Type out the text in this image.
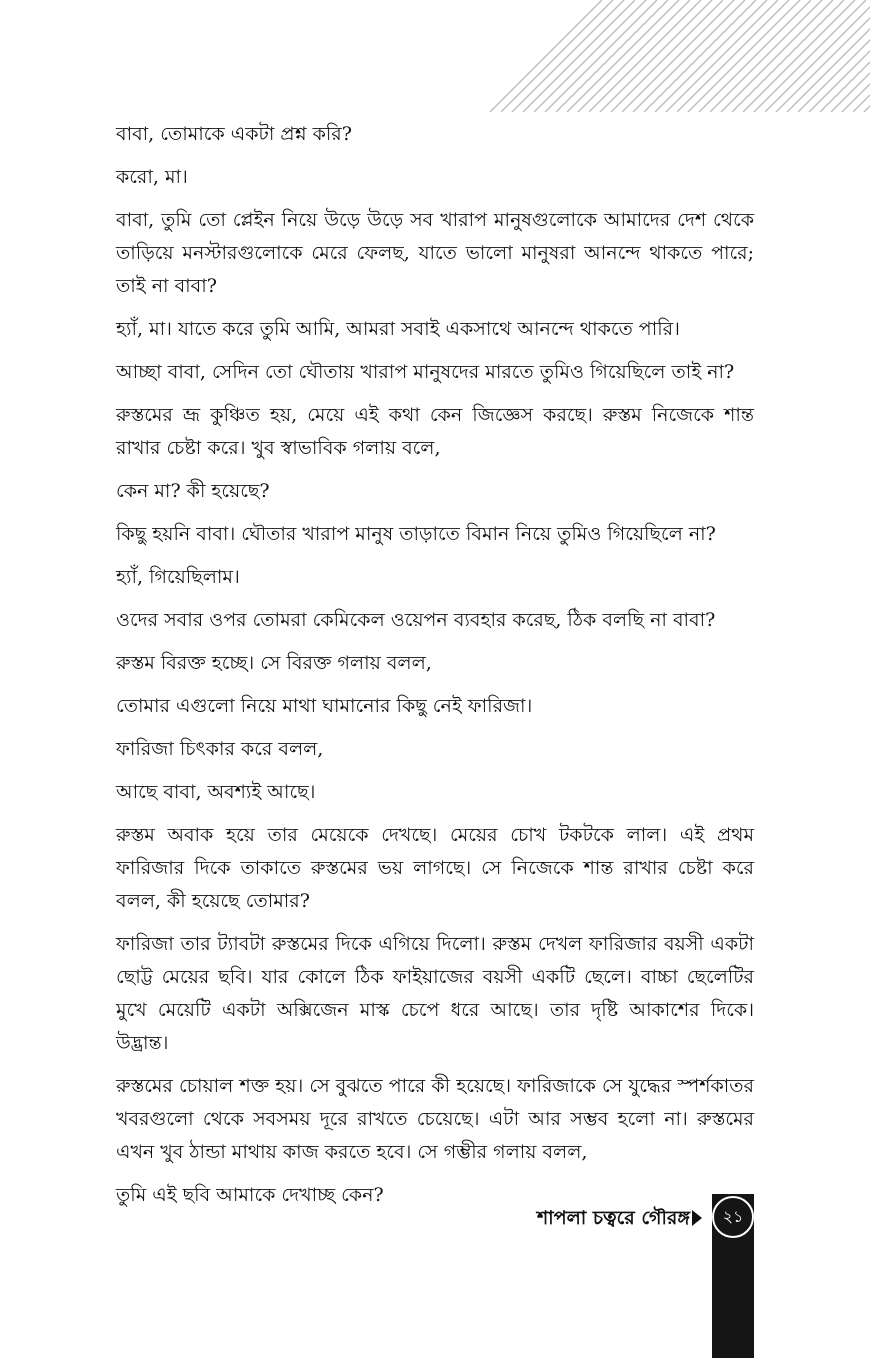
বাবা, তোমাকে একটা প্রশ্ন করি?

করো, মা।

বাবা, তুমি তো প্লেইন নিয়ে উড়ে উড়ে সব খারাপ মানুষগুলোকে আমাদের দেশ থেকে তাড়িয়ে মনস্টারগুলোকে মেরে ফেলছ, যাতে ভালো মানুষরা আনন্দে থাকতে পারে; তাই না বাবা?

হ্যাঁ, মা। যাতে করে তুমি আমি, আমরা সবাই একসাথে আনন্দে থাকতে পারি।

আচ্ছা বাবা, সেদিন তো ঘৌতায় খারাপ মানুষদের মারতে তুমিও গিয়েছিলে তাই না?

রুস্তমের ভ্রূ কুঞ্চিত হয়, মেয়ে এই কথা কেন জিজ্ঞেস করছে। রুস্তম নিজেকে শান্ত রাখার চেষ্টা করে। খুব স্বাভাবিক গলায় বলে,

কেন মা? কী হয়েছে?

কিছু হয়নি বাবা। ঘৌতার খারাপ মানুষ তাড়াতে বিমান নিয়ে তুমিও গিয়েছিলে না?

হ্যাঁ, গিয়েছিলাম।

ওদের সবার ওপর তোমরা কেমিকেল ওয়েপন ব্যবহার করেছ, ঠিক বলছি না বাবা?

রুস্তম বিরক্ত হচ্ছে। সে বিরক্ত গলায় বলল,

তোমার এগুলো নিয়ে মাথা ঘামানোর কিছু নেই ফারিজা।

ফারিজা চিৎকার করে বলল,

আছে বাবা, অবশ্যই আছে।

রুস্তম অবাক হয়ে তার মেয়েকে দেখছে। মেয়ের চোখ টকটকে লাল। এই প্রথম ফারিজার দিকে তাকাতে রুস্তমের ভয় লাগছে। সে নিজেকে শান্ত রাখার চেষ্টা করে বলল, কী হয়েছে তোমার?

ফারিজা তার ট্যাবটা রুস্তমের দিকে এগিয়ে দিলো। রুস্তম দেখল ফারিজার বয়সী একটা ছোট্ট মেয়ের ছবি। যার কোলে ঠিক ফাইয়াজের বয়সী একটি ছেলে। বাচ্চা ছেলেটির মুখে মেয়েটি একটা অক্সিজেন মাস্ক চেপে ধরে আছে। তার দৃষ্টি আকাশের দিকে। উদ্ভ্রান্ত।

রুস্তমের চোয়াল শক্ত হয়। সে বুঝতে পারে কী হয়েছে। ফারিজাকে সে যুদ্ধের স্পর্শকাতর খবরগুলো থেকে সবসময় দূরে রাখতে চেয়েছে। এটা আর সম্ভব হলো না। রুস্তমের এখন খুব ঠান্ডা মাথায় কাজ করতে হবে। সে গম্ভীর গলায় বলল,

তুমি এই ছবি আমাকে দেখাচ্ছ কেন?

শাপলা চত্বরে গৌরঙ্গ	২১
